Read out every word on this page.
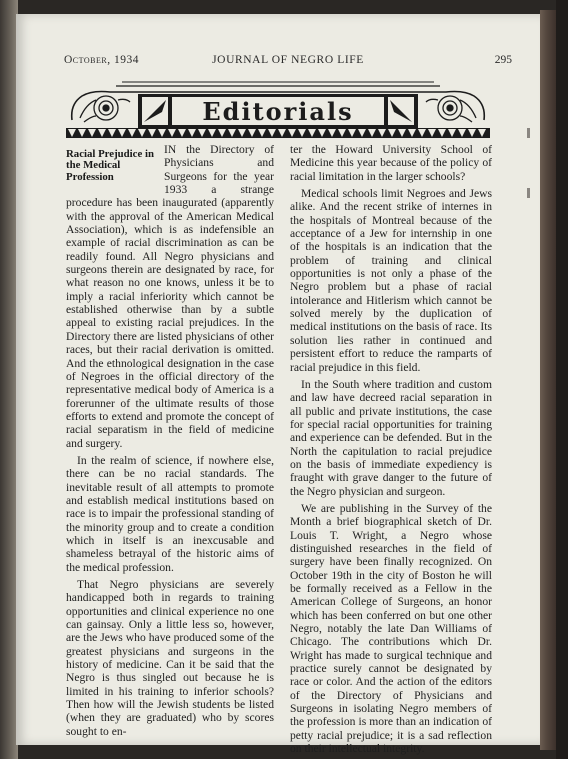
October, 1934	JOURNAL OF NEGRO LIFE	295
Editorials

Racial Prejudice in the Medical Profession
IN the Directory of Physicians and Surgeons for the year 1933 a strange procedure has been inaugurated (apparently with the approval of the American Medical Association), which is as indefensible an example of racial discrimination as can be readily found. All Negro physicians and surgeons therein are designated by race, for what reason no one knows, unless it be to imply a racial inferiority which cannot be established otherwise than by a subtle appeal to existing racial prejudices. In the Directory there are listed physicians of other races, but their racial derivation is omitted. And the ethnological designation in the case of Negroes in the official directory of the representative medical body of America is a forerunner of the ultimate results of those efforts to extend and promote the concept of racial separatism in the field of medicine and surgery.

In the realm of science, if nowhere else, there can be no racial standards. The inevitable result of all attempts to promote and establish medical institutions based on race is to impair the professional standing of the minority group and to create a condition which in itself is an inexcusable and shameless betrayal of the historic aims of the medical profession.

That Negro physicians are severely handicapped both in regards to training opportunities and clinical experience no one can gainsay. Only a little less so, however, are the Jews who have produced some of the greatest physicians and surgeons in the history of medicine. Can it be said that the Negro is thus singled out because he is limited in his training to inferior schools? Then how will the Jewish students be listed (when they are graduated) who by scores sought to en-

ter the Howard University School of Medicine this year because of the policy of racial limitation in the larger schools?

Medical schools limit Negroes and Jews alike. And the recent strike of internes in the hospitals of Montreal because of the acceptance of a Jew for internship in one of the hospitals is an indication that the problem of training and clinical opportunities is not only a phase of the Negro problem but a phase of racial intolerance and Hitlerism which cannot be solved merely by the duplication of medical institutions on the basis of race. Its solution lies rather in continued and persistent effort to reduce the ramparts of racial prejudice in this field.

In the South where tradition and custom and law have decreed racial separation in all public and private institutions, the case for special racial opportunities for training and experience can be defended. But in the North the capitulation to racial prejudice on the basis of immediate expediency is fraught with grave danger to the future of the Negro physician and surgeon.

We are publishing in the Survey of the Month a brief biographical sketch of Dr. Louis T. Wright, a Negro whose distinguished researches in the field of surgery have been finally recognized. On October 19th in the city of Boston he will be formally received as a Fellow in the American College of Surgeons, an honor which has been conferred on but one other Negro, notably the late Dan Williams of Chicago. The contributions which Dr. Wright has made to surgical technique and practice surely cannot be designated by race or color. And the action of the editors of the Directory of Physicians and Surgeons in isolating Negro members of the profession is more than an indication of petty racial prejudice; it is a sad reflection on their intellectual integrity.
